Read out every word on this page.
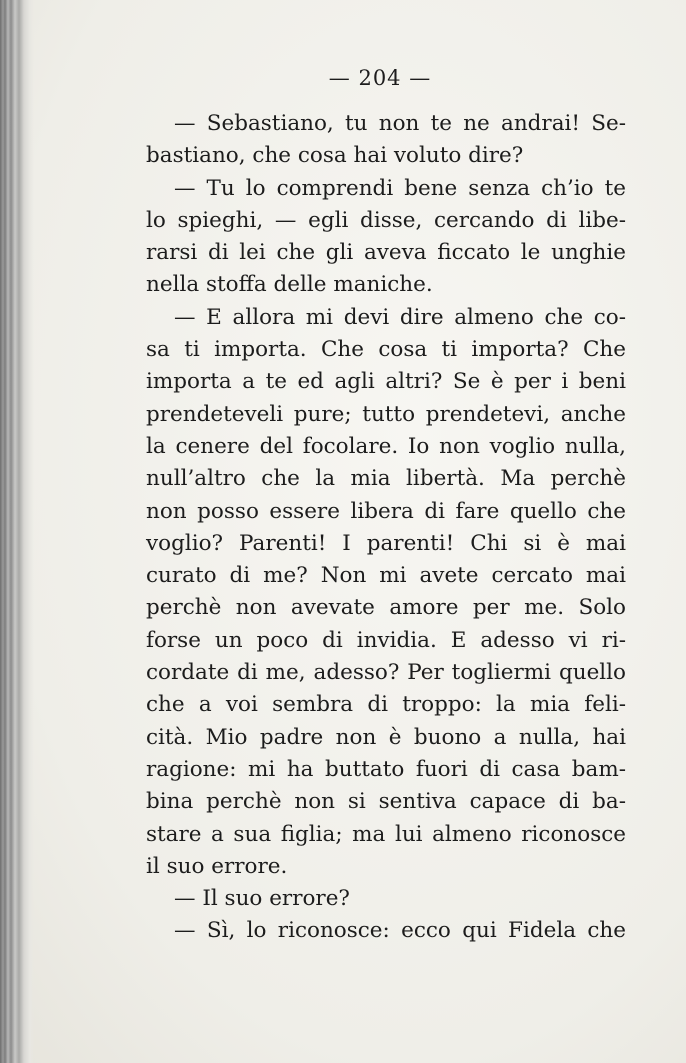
— 204 —
— Sebastiano, tu non te ne andrai! Se-
bastiano, che cosa hai voluto dire?
— Tu lo comprendi bene senza ch’io te
lo spieghi, — egli disse, cercando di libe-
rarsi di lei che gli aveva ficcato le unghie
nella stoffa delle maniche.
— E allora mi devi dire almeno che co-
sa ti importa. Che cosa ti importa? Che
importa a te ed agli altri? Se è per i beni
prendeteveli pure; tutto prendetevi, anche
la cenere del focolare. Io non voglio nulla,
null’altro che la mia libertà. Ma perchè
non posso essere libera di fare quello che
voglio? Parenti! I parenti! Chi si è mai
curato di me? Non mi avete cercato mai
perchè non avevate amore per me. Solo
forse un poco di invidia. E adesso vi ri-
cordate di me, adesso? Per togliermi quello
che a voi sembra di troppo: la mia feli-
cità. Mio padre non è buono a nulla, hai
ragione: mi ha buttato fuori di casa bam-
bina perchè non si sentiva capace di ba-
stare a sua figlia; ma lui almeno riconosce
il suo errore.
— Il suo errore?
— Sì, lo riconosce: ecco qui Fidela che
